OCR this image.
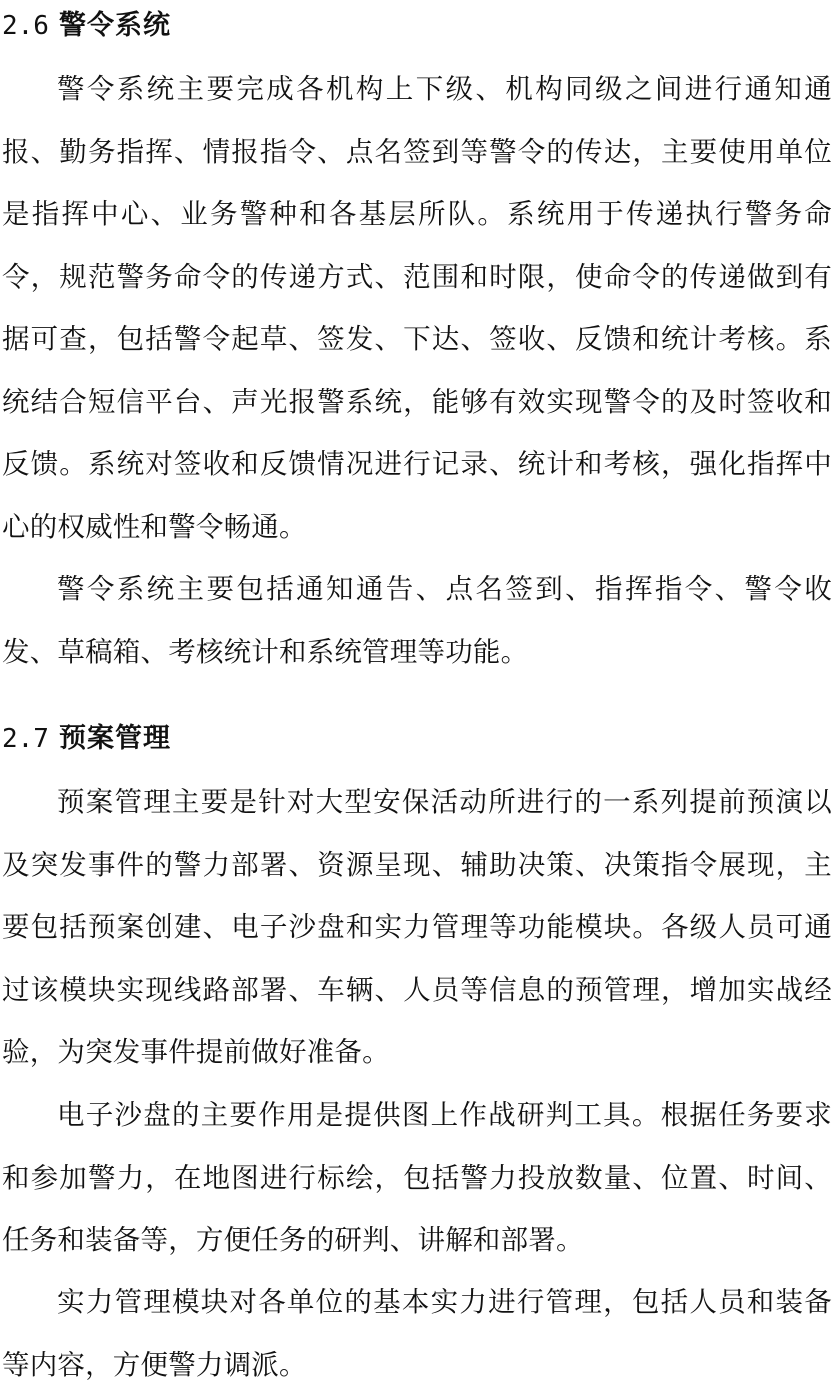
2.6 警令系统

警令系统主要完成各机构上下级、机构同级之间进行通知通报、勤务指挥、情报指令、点名签到等警令的传达，主要使用单位是指挥中心、业务警种和各基层所队。系统用于传递执行警务命令，规范警务命令的传递方式、范围和时限，使命令的传递做到有据可查，包括警令起草、签发、下达、签收、反馈和统计考核。系统结合短信平台、声光报警系统，能够有效实现警令的及时签收和反馈。系统对签收和反馈情况进行记录、统计和考核，强化指挥中心的权威性和警令畅通。

警令系统主要包括通知通告、点名签到、指挥指令、警令收发、草稿箱、考核统计和系统管理等功能。

2.7 预案管理

预案管理主要是针对大型安保活动所进行的一系列提前预演以及突发事件的警力部署、资源呈现、辅助决策、决策指令展现，主要包括预案创建、电子沙盘和实力管理等功能模块。各级人员可通过该模块实现线路部署、车辆、人员等信息的预管理，增加实战经验，为突发事件提前做好准备。

电子沙盘的主要作用是提供图上作战研判工具。根据任务要求和参加警力，在地图进行标绘，包括警力投放数量、位置、时间、任务和装备等，方便任务的研判、讲解和部署。

实力管理模块对各单位的基本实力进行管理，包括人员和装备等内容，方便警力调派。
